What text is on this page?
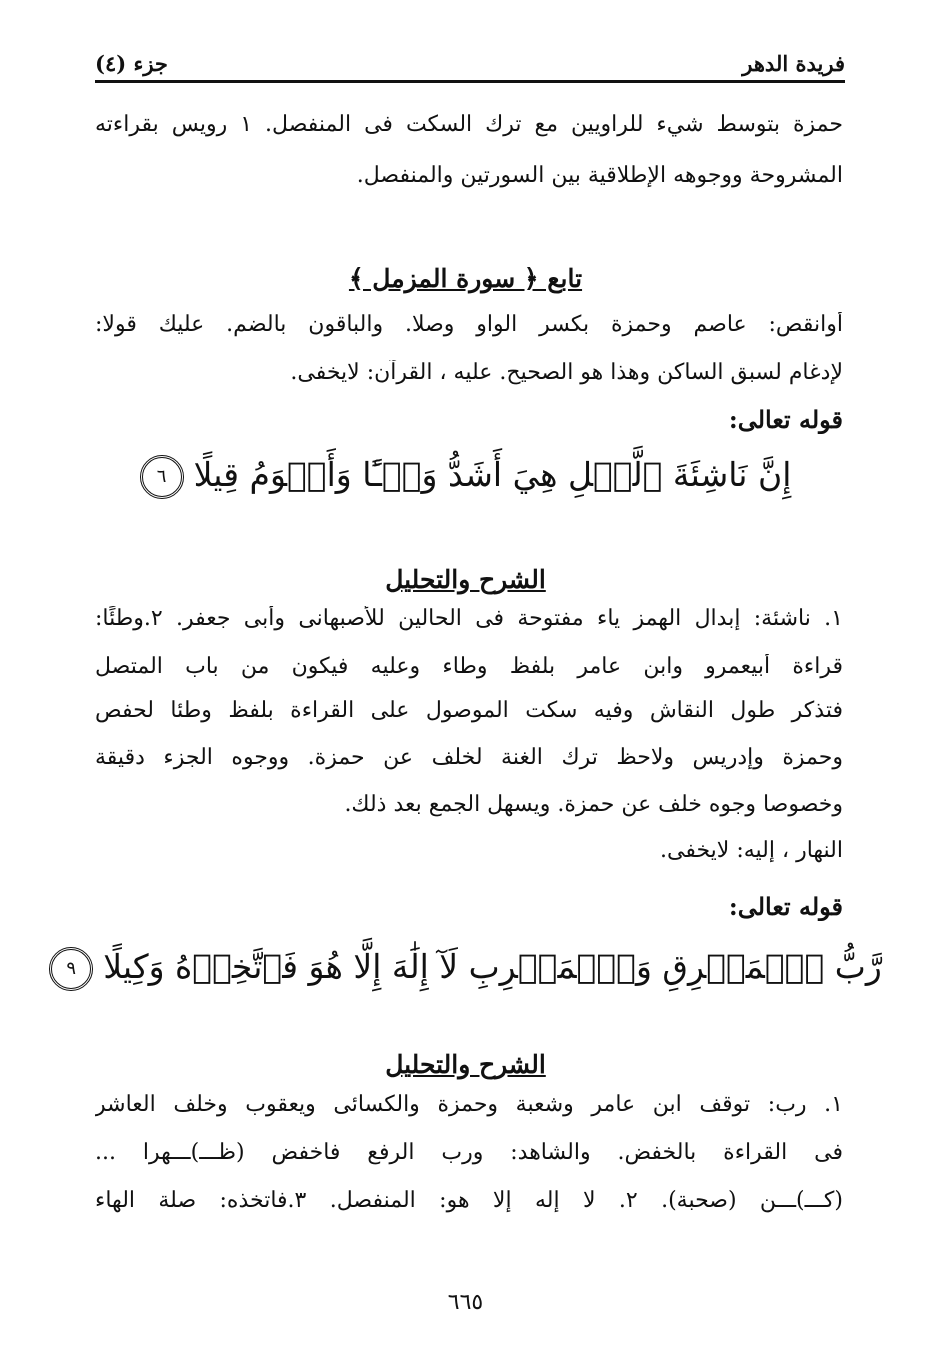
فريدة الدهر
جزء (٤)
حمزة بتوسط شيء للراويين مع ترك السكت فى المنفصل. ١ رويس بقراءته
المشروحة ووجوهه الإطلاقية بين السورتين والمنفصل.
تابع ﴿ سورة المزمل ﴾
أوانقص: عاصم وحمزة بكسر الواو وصلا. والباقون بالضم. عليك قولا:
لإدغام لسبق الساكن وهذا هو الصحيح. عليه ، القرآن: لايخفى.
قوله تعالى:
إِنَّ نَاشِئَةَ ٱلَّيۡلِ هِيَ أَشَدُّ وَطۡـًٔا وَأَقۡوَمُ قِيلًا٦
الشرح والتحليل
١. ناشئة: إبدال الهمز ياء مفتوحة فى الحالين للأصبهانى وأبى جعفر. ٢.وطئًا:
قراءة أبيعمرو وابن عامر بلفظ وطاء وعليه فيكون من باب المتصل
فتذكر طول النقاش وفيه سكت الموصول على القراءة بلفظ وطئا لحفص
وحمزة وإدريس ولاحظ ترك الغنة لخلف عن حمزة. ووجوه الجزء دقيقة
وخصوصا وجوه خلف عن حمزة. ويسهل الجمع بعد ذلك.
النهار ، إليه: لايخفى.
قوله تعالى:
رَّبُّ ٱلۡمَشۡرِقِ وَٱلۡمَغۡرِبِ لَآ إِلَٰهَ إِلَّا هُوَ فَٱتَّخِذۡهُ وَكِيلًا٩
الشرح والتحليل
١. رب: توقف ابن عامر وشعبة وحمزة والكسائى ويعقوب وخلف العاشر
فى القراءة بالخفض. والشاهد: ورب الرفع فاخفض (ظـــ)ـــهرا ...
(كـــ)ـــن (صحبة). ٢. لا إله إلا هو: المنفصل. ٣.فاتخذه: صلة الهاء
٦٦٥
